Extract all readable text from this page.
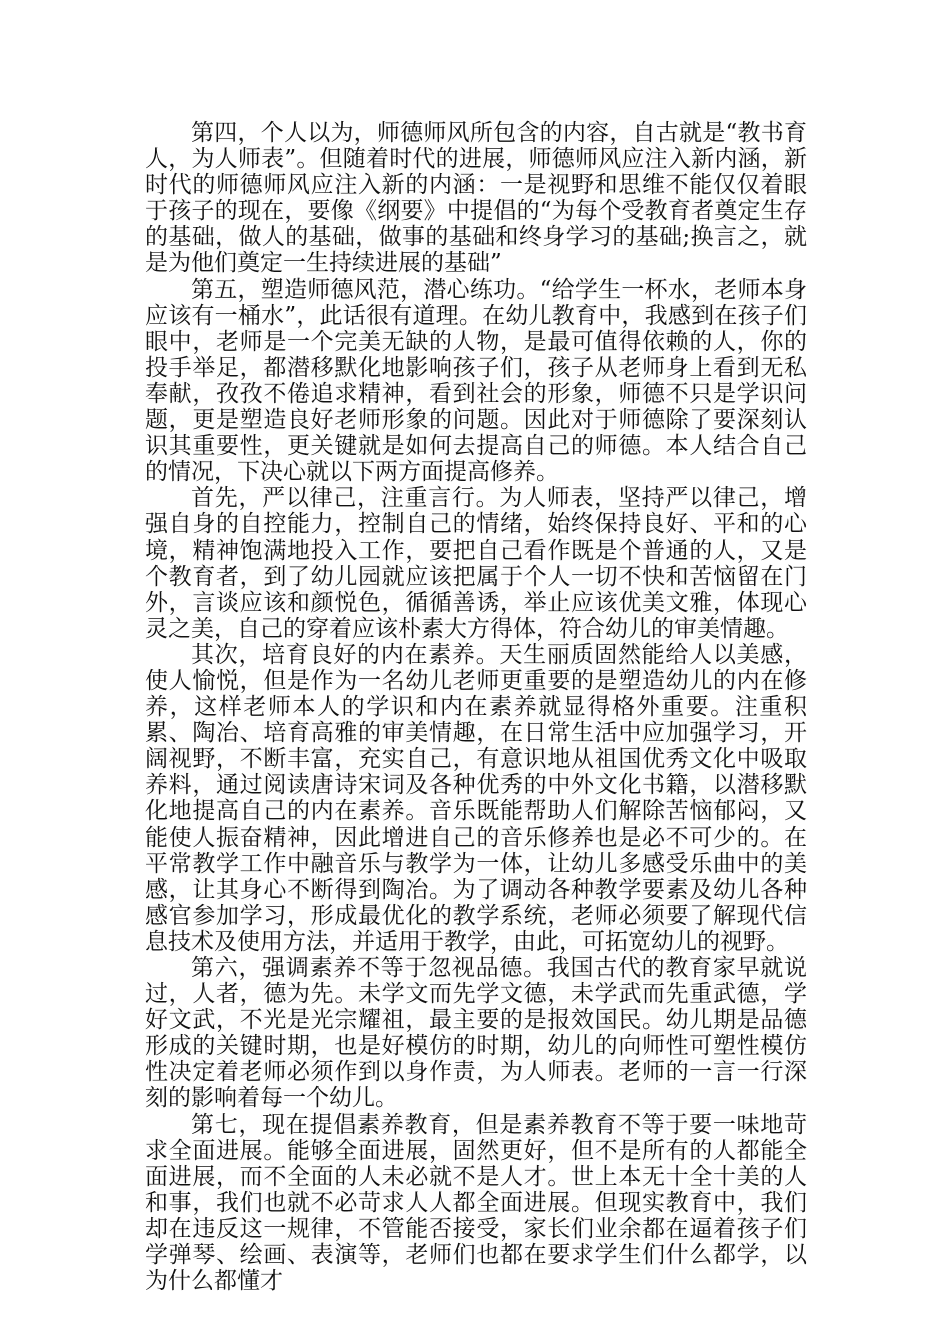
第四，个人以为，师德师风所包含的内容，自古就是“教书育人，为人师表”。但随着时代的进展，师德师风应注入新内涵，新时代的师德师风应注入新的内涵：一是视野和思维不能仅仅着眼于孩子的现在，要像《纲要》中提倡的“为每个受教育者奠定生存的基础，做人的基础，做事的基础和终身学习的基础;换言之，就是为他们奠定一生持续进展的基础”

第五，塑造师德风范，潜心练功。“给学生一杯水，老师本身应该有一桶水”，此话很有道理。在幼儿教育中，我感到在孩子们眼中，老师是一个完美无缺的人物，是最可值得依赖的人，你的投手举足，都潜移默化地影响孩子们，孩子从老师身上看到无私奉献，孜孜不倦追求精神，看到社会的形象，师德不只是学识问题，更是塑造良好老师形象的问题。因此对于师德除了要深刻认识其重要性，更关键就是如何去提高自己的师德。本人结合自己的情况，下决心就以下两方面提高修养。

首先，严以律己，注重言行。为人师表，坚持严以律己，增强自身的自控能力，控制自己的情绪，始终保持良好、平和的心境，精神饱满地投入工作，要把自己看作既是个普通的人，又是个教育者，到了幼儿园就应该把属于个人一切不快和苦恼留在门外，言谈应该和颜悦色，循循善诱，举止应该优美文雅，体现心灵之美，自己的穿着应该朴素大方得体，符合幼儿的审美情趣。

其次，培育良好的内在素养。天生丽质固然能给人以美感，使人愉悦，但是作为一名幼儿老师更重要的是塑造幼儿的内在修养，这样老师本人的学识和内在素养就显得格外重要。注重积累、陶冶、培育高雅的审美情趣，在日常生活中应加强学习，开阔视野，不断丰富，充实自己，有意识地从祖国优秀文化中吸取养料，通过阅读唐诗宋词及各种优秀的中外文化书籍，以潜移默化地提高自己的内在素养。音乐既能帮助人们解除苦恼郁闷，又能使人振奋精神，因此增进自己的音乐修养也是必不可少的。在平常教学工作中融音乐与教学为一体，让幼儿多感受乐曲中的美感，让其身心不断得到陶冶。为了调动各种教学要素及幼儿各种感官参加学习，形成最优化的教学系统，老师必须要了解现代信息技术及使用方法，并适用于教学，由此，可拓宽幼儿的视野。

第六，强调素养不等于忽视品德。我国古代的教育家早就说过，人者，德为先。未学文而先学文德，未学武而先重武德，学好文武，不光是光宗耀祖，最主要的是报效国民。幼儿期是品德形成的关键时期，也是好模仿的时期，幼儿的向师性可塑性模仿性决定着老师必须作到以身作责，为人师表。老师的一言一行深刻的影响着每一个幼儿。

第七，现在提倡素养教育，但是素养教育不等于要一味地苛求全面进展。能够全面进展，固然更好，但不是所有的人都能全面进展，而不全面的人未必就不是人才。世上本无十全十美的人和事，我们也就不必苛求人人都全面进展。但现实教育中，我们却在违反这一规律，不管能否接受，家长们业余都在逼着孩子们学弹琴、绘画、表演等，老师们也都在要求学生们什么都学，以为什么都懂才
